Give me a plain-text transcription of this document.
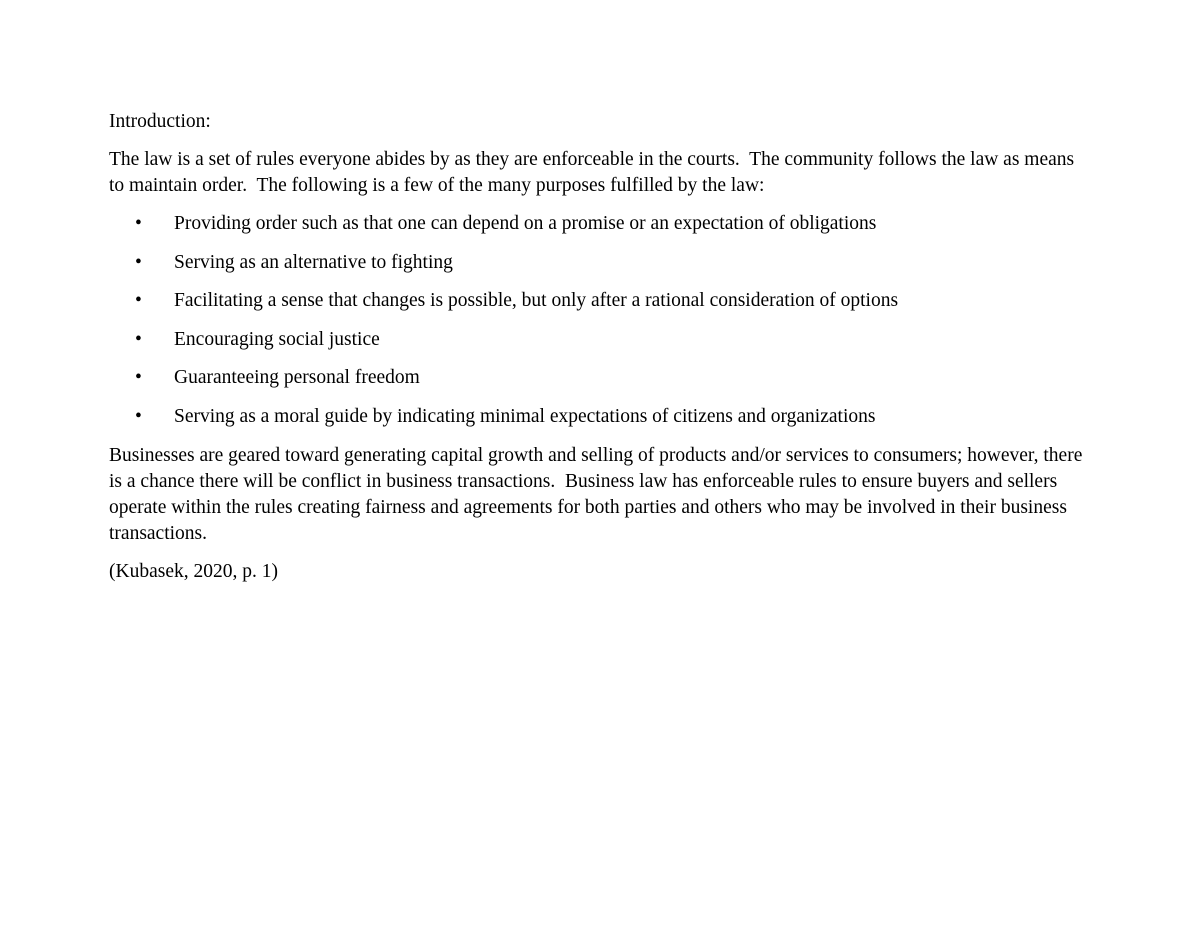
Introduction:

The law is a set of rules everyone abides by as they are enforceable in the courts.  The community follows the law as means to maintain order.  The following is a few of the many purposes fulfilled by the law:

• Providing order such as that one can depend on a promise or an expectation of obligations
• Serving as an alternative to fighting
• Facilitating a sense that changes is possible, but only after a rational consideration of options
• Encouraging social justice
• Guaranteeing personal freedom
• Serving as a moral guide by indicating minimal expectations of citizens and organizations

Businesses are geared toward generating capital growth and selling of products and/or services to consumers; however, there is a chance there will be conflict in business transactions.  Business law has enforceable rules to ensure buyers and sellers operate within the rules creating fairness and agreements for both parties and others who may be involved in their business transactions.

(Kubasek, 2020, p. 1)
